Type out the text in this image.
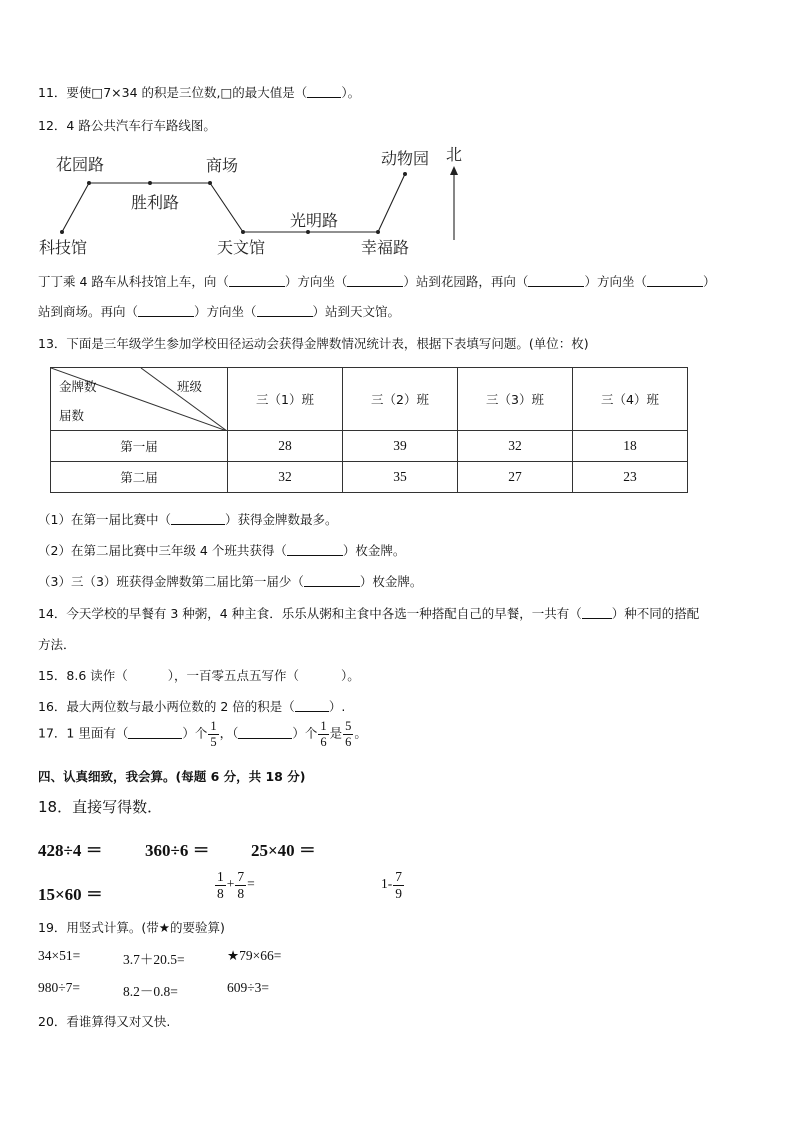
11．要使□7×34 的积是三位数,□的最大值是（	）。
12．4 路公共汽车行车路线图。
花园路
胜利路
商场
科技馆	天文馆
光明路
幸福路
动物园 北
丁丁乘 4 路车从科技馆上车，向（	）方向坐（	）站到花园路，再向（	）方向坐（	）
站到商场。再向（	）方向坐（	）站到天文馆。
13．下面是三年级学生参加学校田径运动会获得金牌数情况统计表，根据下表填写问题。(单位：枚)
班级
金牌数
届数	三（1）班	三（2）班	三（3）班	三（4）班
第一届	28	39	32	18
第二届	32	35	27	23
（1）在第一届比赛中（	）获得金牌数最多。
（2）在第二届比赛中三年级 4 个班共获得（	）枚金牌。
（3）三（3）班获得金牌数第二届比第一届少（	）枚金牌。
14．今天学校的早餐有 3 种粥，4 种主食．乐乐从粥和主食中各选一种搭配自己的早餐，一共有（ ）种不同的搭配
方法．
15．8.6 读作（	），一百零五点五写作（	）。
16．最大两位数与最小两位数的 2 倍的积是（	）.
17．1 里面有（	）个 $\frac{1}{5}$ ，（	）个 $\frac{1}{6}$ 是 $\frac{5}{6}$ 。
四、认真细致，我会算。(每题 6 分，共 18 分)
18．直接写得数．
428÷4 ＝ 360÷6 ＝ 25×40 ＝
15×60 ＝	$\frac{1}{8} + \frac{7}{8}$ =	$1- \frac{7}{9}$
19．用竖式计算。(带★的要验算)
34×51=	3.7＋20.5=	★79×66=
980÷7=	8.2－0.8=	609÷3=
20．看谁算得又对又快.
